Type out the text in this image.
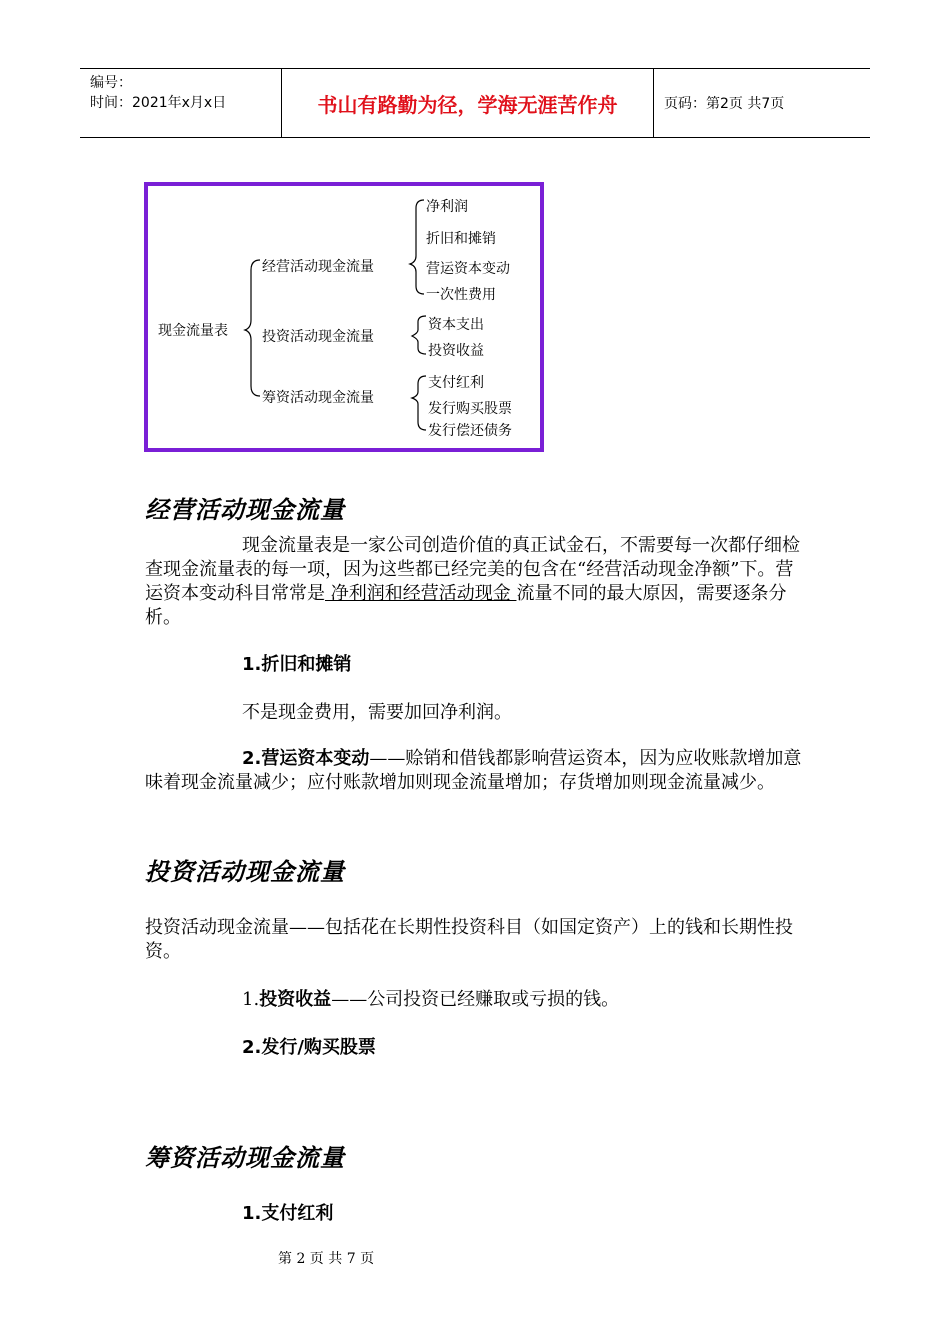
编号：
时间：2021年x月x日	书山有路勤为径，学海无涯苦作舟	页码：第2页 共7页
现金流量表
经营活动现金流量
投资活动现金流量
筹资活动现金流量
净利润
折旧和摊销
营运资本变动
一次性费用
资本支出
投资收益
支付红利
发行购买股票
发行偿还债务
经营活动现金流量
现金流量表是一家公司创造价值的真正试金石，不需要每一次都仔细检查现金流量表的每一项，因为这些都已经完美的包含在“经营活动现金净额”下。营运资本变动科目常常是 净利润和经营活动现金 流量不同的最大原因，需要逐条分析。
1.折旧和摊销
不是现金费用，需要加回净利润。
2.营运资本变动——赊销和借钱都影响营运资本，因为应收账款增加意味着现金流量减少；应付账款增加则现金流量增加；存货增加则现金流量减少。
投资活动现金流量
投资活动现金流量——包括花在长期性投资科目（如国定资产）上的钱和长期性投资。
1.投资收益——公司投资已经赚取或亏损的钱。
2.发行/购买股票
筹资活动现金流量
1.支付红利
第 2 页 共 7 页
